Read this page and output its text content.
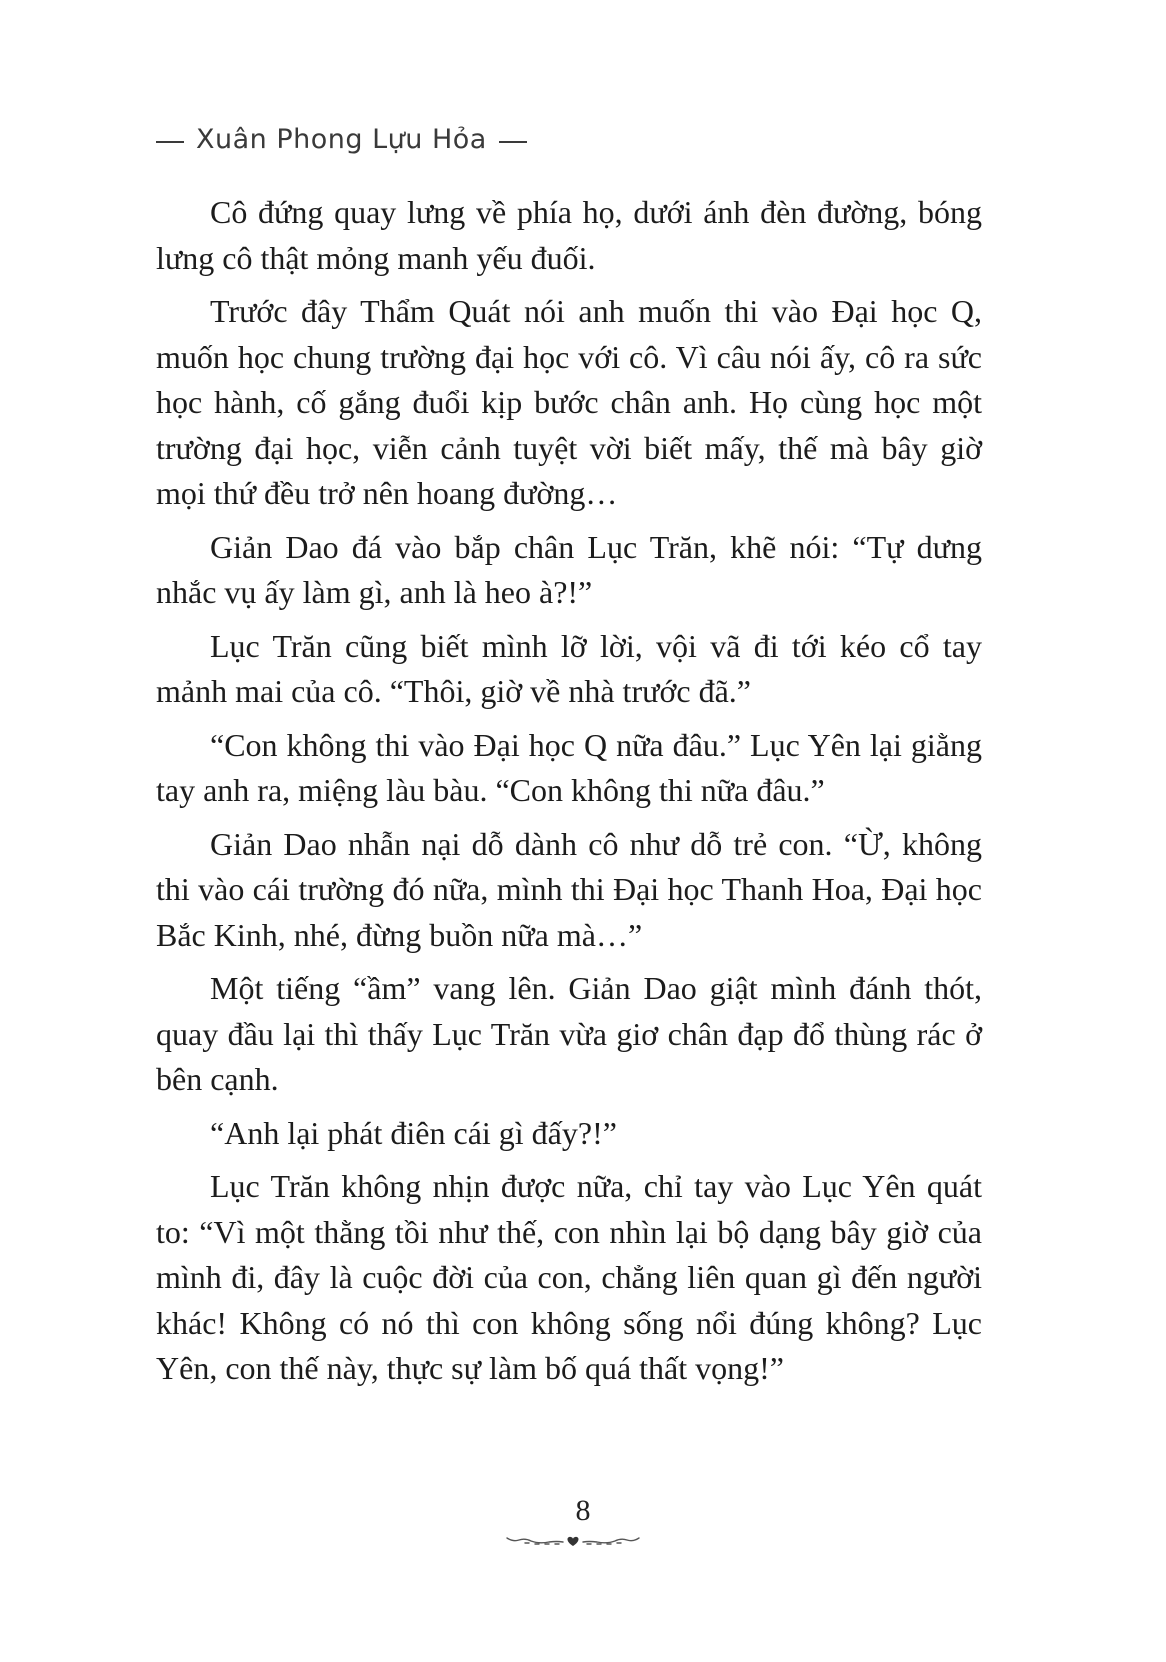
Xuân Phong Lựu Hỏa

Cô đứng quay lưng về phía họ, dưới ánh đèn đường, bóng lưng cô thật mỏng manh yếu đuối.

Trước đây Thẩm Quát nói anh muốn thi vào Đại học Q, muốn học chung trường đại học với cô. Vì câu nói ấy, cô ra sức học hành, cố gắng đuổi kịp bước chân anh. Họ cùng học một trường đại học, viễn cảnh tuyệt vời biết mấy, thế mà bây giờ mọi thứ đều trở nên hoang đường…

Giản Dao đá vào bắp chân Lục Trăn, khẽ nói: “Tự dưng nhắc vụ ấy làm gì, anh là heo à?!”

Lục Trăn cũng biết mình lỡ lời, vội vã đi tới kéo cổ tay mảnh mai của cô. “Thôi, giờ về nhà trước đã.”

“Con không thi vào Đại học Q nữa đâu.” Lục Yên lại giằng tay anh ra, miệng làu bàu. “Con không thi nữa đâu.”

Giản Dao nhẫn nại dỗ dành cô như dỗ trẻ con. “Ừ, không thi vào cái trường đó nữa, mình thi Đại học Thanh Hoa, Đại học Bắc Kinh, nhé, đừng buồn nữa mà…”

Một tiếng “ầm” vang lên. Giản Dao giật mình đánh thót, quay đầu lại thì thấy Lục Trăn vừa giơ chân đạp đổ thùng rác ở bên cạnh.

“Anh lại phát điên cái gì đấy?!”

Lục Trăn không nhịn được nữa, chỉ tay vào Lục Yên quát to: “Vì một thằng tồi như thế, con nhìn lại bộ dạng bây giờ của mình đi, đây là cuộc đời của con, chẳng liên quan gì đến người khác! Không có nó thì con không sống nổi đúng không? Lục Yên, con thế này, thực sự làm bố quá thất vọng!”

8
